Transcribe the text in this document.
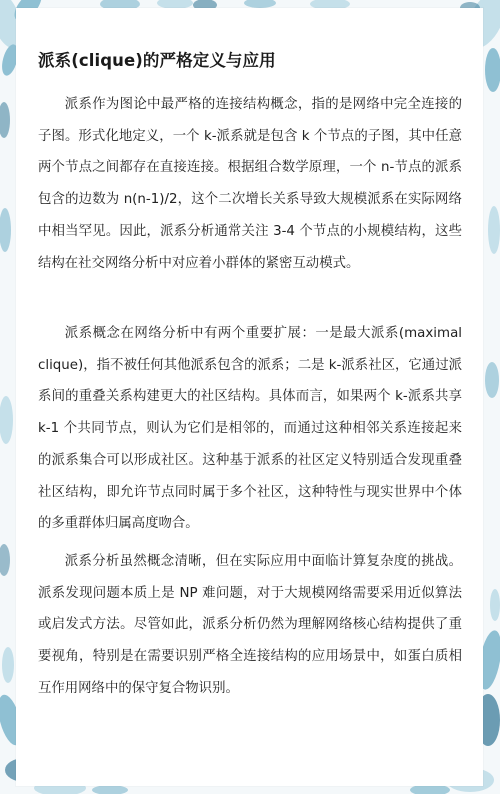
派系(clique)的严格定义与应用

派系作为图论中最严格的连接结构概念，指的是网络中完全连接的子图。形式化地定义，一个 k-派系就是包含 k 个节点的子图，其中任意两个节点之间都存在直接连接。根据组合数学原理，一个 n-节点的派系包含的边数为 n(n-1)/2，这个二次增长关系导致大规模派系在实际网络中相当罕见。因此，派系分析通常关注 3-4 个节点的小规模结构，这些结构在社交网络分析中对应着小群体的紧密互动模式。

派系概念在网络分析中有两个重要扩展：一是最大派系(maximal clique)，指不被任何其他派系包含的派系；二是 k-派系社区，它通过派系间的重叠关系构建更大的社区结构。具体而言，如果两个 k-派系共享 k-1 个共同节点，则认为它们是相邻的，而通过这种相邻关系连接起来的派系集合可以形成社区。这种基于派系的社区定义特别适合发现重叠社区结构，即允许节点同时属于多个社区，这种特性与现实世界中个体的多重群体归属高度吻合。

派系分析虽然概念清晰，但在实际应用中面临计算复杂度的挑战。派系发现问题本质上是 NP 难问题，对于大规模网络需要采用近似算法或启发式方法。尽管如此，派系分析仍然为理解网络核心结构提供了重要视角，特别是在需要识别严格全连接结构的应用场景中，如蛋白质相互作用网络中的保守复合物识别。
